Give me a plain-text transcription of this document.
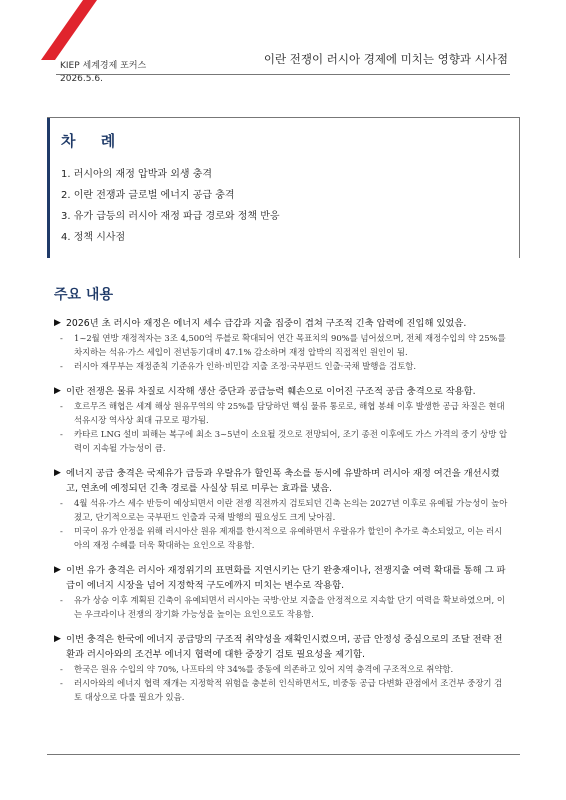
KIEP 세계경제 포커스
2026.5.6.
이란 전쟁이 러시아 경제에 미치는 영향과 시사점
차 례
1. 러시아의 재정 압박과 외생 충격
2. 이란 전쟁과 글로벌 에너지 공급 충격
3. 유가 급등의 러시아 재정 파급 경로와 정책 반응
4. 정책 시사점
주요 내용
▶ 2026년 초 러시아 재정은 에너지 세수 급감과 지출 집중이 겹쳐 구조적 긴축 압력에 진입해 있었음.
- 1~2월 연방 재정적자는 3조 4,500억 루블로 확대되어 연간 목표치의 90%를 넘어섰으며, 전체 재정수입의 약 25%를 차지하는 석유·가스 세입이 전년동기대비 47.1% 감소하며 재정 압박의 직접적인 원인이 됨.
- 러시아 재무부는 재정준칙 기준유가 인하·비민감 지출 조정·국부펀드 인출·국채 발행을 검토함.
▶ 이란 전쟁은 물류 차질로 시작해 생산 중단과 공급능력 훼손으로 이어진 구조적 공급 충격으로 작용함.
- 호르무즈 해협은 세계 해상 원유무역의 약 25%를 담당하던 핵심 물류 통로로, 해협 봉쇄 이후 발생한 공급 차질은 현대 석유시장 역사상 최대 규모로 평가됨.
- 카타르 LNG 설비 피해는 복구에 최소 3~5년이 소요될 것으로 전망되어, 조기 종전 이후에도 가스 가격의 중기 상방 압력이 지속될 가능성이 큼.
▶ 에너지 공급 충격은 국제유가 급등과 우랄유가 할인폭 축소를 동시에 유발하며 러시아 재정 여건을 개선시켰고, 연초에 예정되던 긴축 경로를 사실상 뒤로 미루는 효과를 냈음.
- 4월 석유·가스 세수 반등이 예상되면서 이란 전쟁 직전까지 검토되던 긴축 논의는 2027년 이후로 유예될 가능성이 높아졌고, 단기적으로는 국부펀드 인출과 국채 발행의 필요성도 크게 낮아짐.
- 미국이 유가 안정을 위해 러시아산 원유 제재를 한시적으로 유예하면서 우랄유가 할인이 추가로 축소되었고, 이는 러시아의 재정 수혜를 더욱 확대하는 요인으로 작용함.
▶ 이번 유가 충격은 러시아 재정위기의 표면화를 지연시키는 단기 완충재이나, 전쟁지출 여력 확대를 통해 그 파급이 에너지 시장을 넘어 지정학적 구도에까지 미치는 변수로 작용함.
- 유가 상승 이후 계획된 긴축이 유예되면서 러시아는 국방·안보 지출을 안정적으로 지속할 단기 여력을 확보하였으며, 이는 우크라이나 전쟁의 장기화 가능성을 높이는 요인으로도 작용함.
▶ 이번 충격은 한국에 에너지 공급망의 구조적 취약성을 재확인시켰으며, 공급 안정성 중심으로의 조달 전략 전환과 러시아와의 조건부 에너지 협력에 대한 중장기 검토 필요성을 제기함.
- 한국은 원유 수입의 약 70%, 나프타의 약 34%를 중동에 의존하고 있어 지역 충격에 구조적으로 취약함.
- 러시아와의 에너지 협력 재개는 지정학적 위험을 충분히 인식하면서도, 비중동 공급 다변화 관점에서 조건부 중장기 검토 대상으로 다룰 필요가 있음.
